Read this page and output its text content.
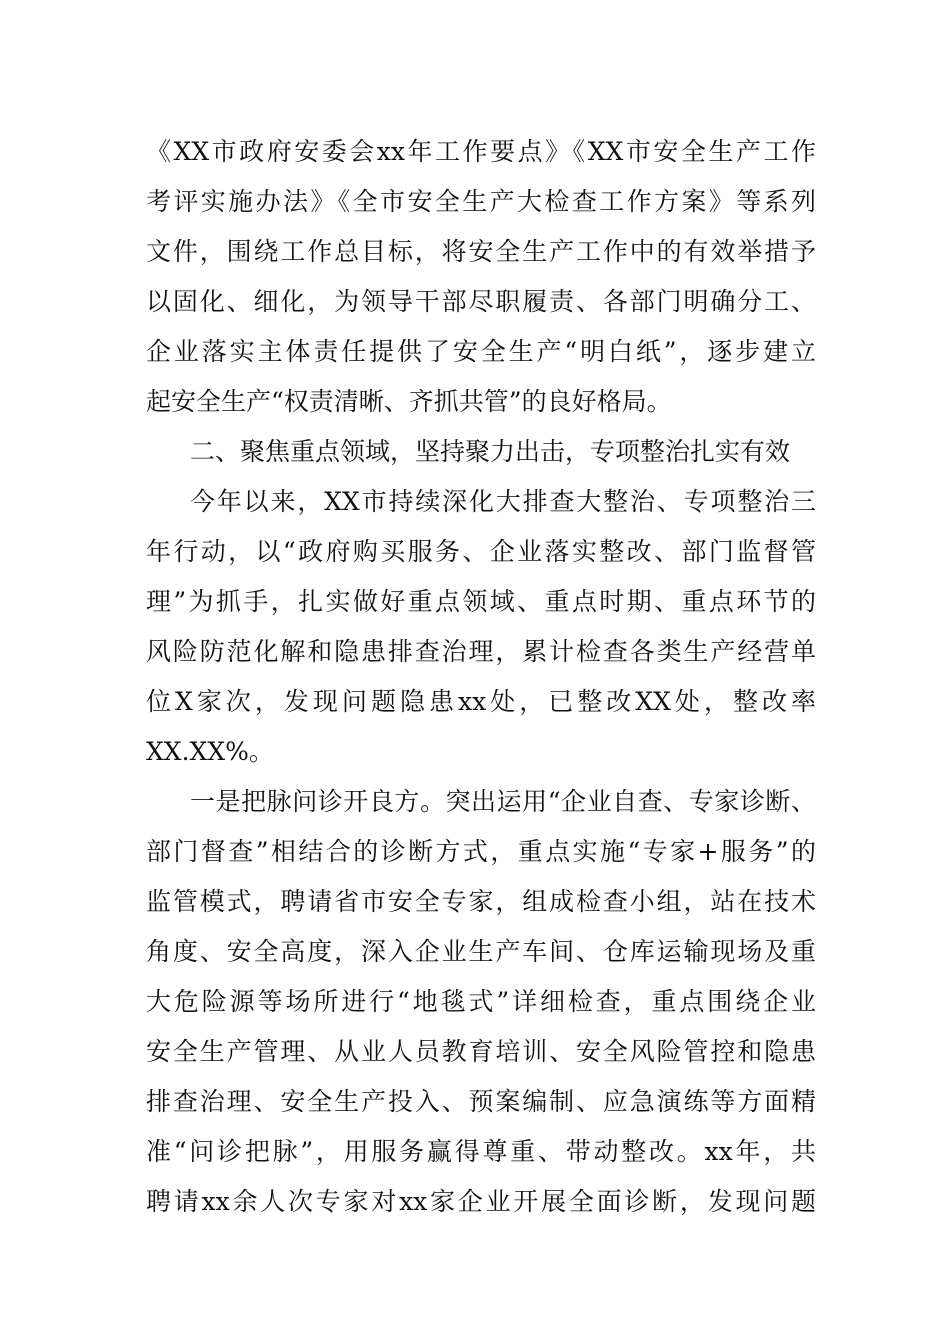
《XX市政府安委会xx年工作要点》《XX市安全生产工作
考评实施办法》《全市安全生产大检查工作方案》等系列
文件，围绕工作总目标，将安全生产工作中的有效举措予
以固化、细化，为领导干部尽职履责、各部门明确分工、
企业落实主体责任提供了安全生产“明白纸”，逐步建立
起安全生产“权责清晰、齐抓共管”的良好格局。
二、聚焦重点领域，坚持聚力出击，专项整治扎实有效
今年以来，XX市持续深化大排查大整治、专项整治三
年行动，以“政府购买服务、企业落实整改、部门监督管
理”为抓手，扎实做好重点领域、重点时期、重点环节的
风险防范化解和隐患排查治理，累计检查各类生产经营单
位X家次，发现问题隐患xx处，已整改XX处，整改率
XX.XX%。
一是把脉问诊开良方。突出运用“企业自查、专家诊断、
部门督查”相结合的诊断方式，重点实施“专家+服务”的
监管模式，聘请省市安全专家，组成检查小组，站在技术
角度、安全高度，深入企业生产车间、仓库运输现场及重
大危险源等场所进行“地毯式”详细检查，重点围绕企业
安全生产管理、从业人员教育培训、安全风险管控和隐患
排查治理、安全生产投入、预案编制、应急演练等方面精
准“问诊把脉”，用服务赢得尊重、带动整改。xx年，共
聘请xx余人次专家对xx家企业开展全面诊断，发现问题
